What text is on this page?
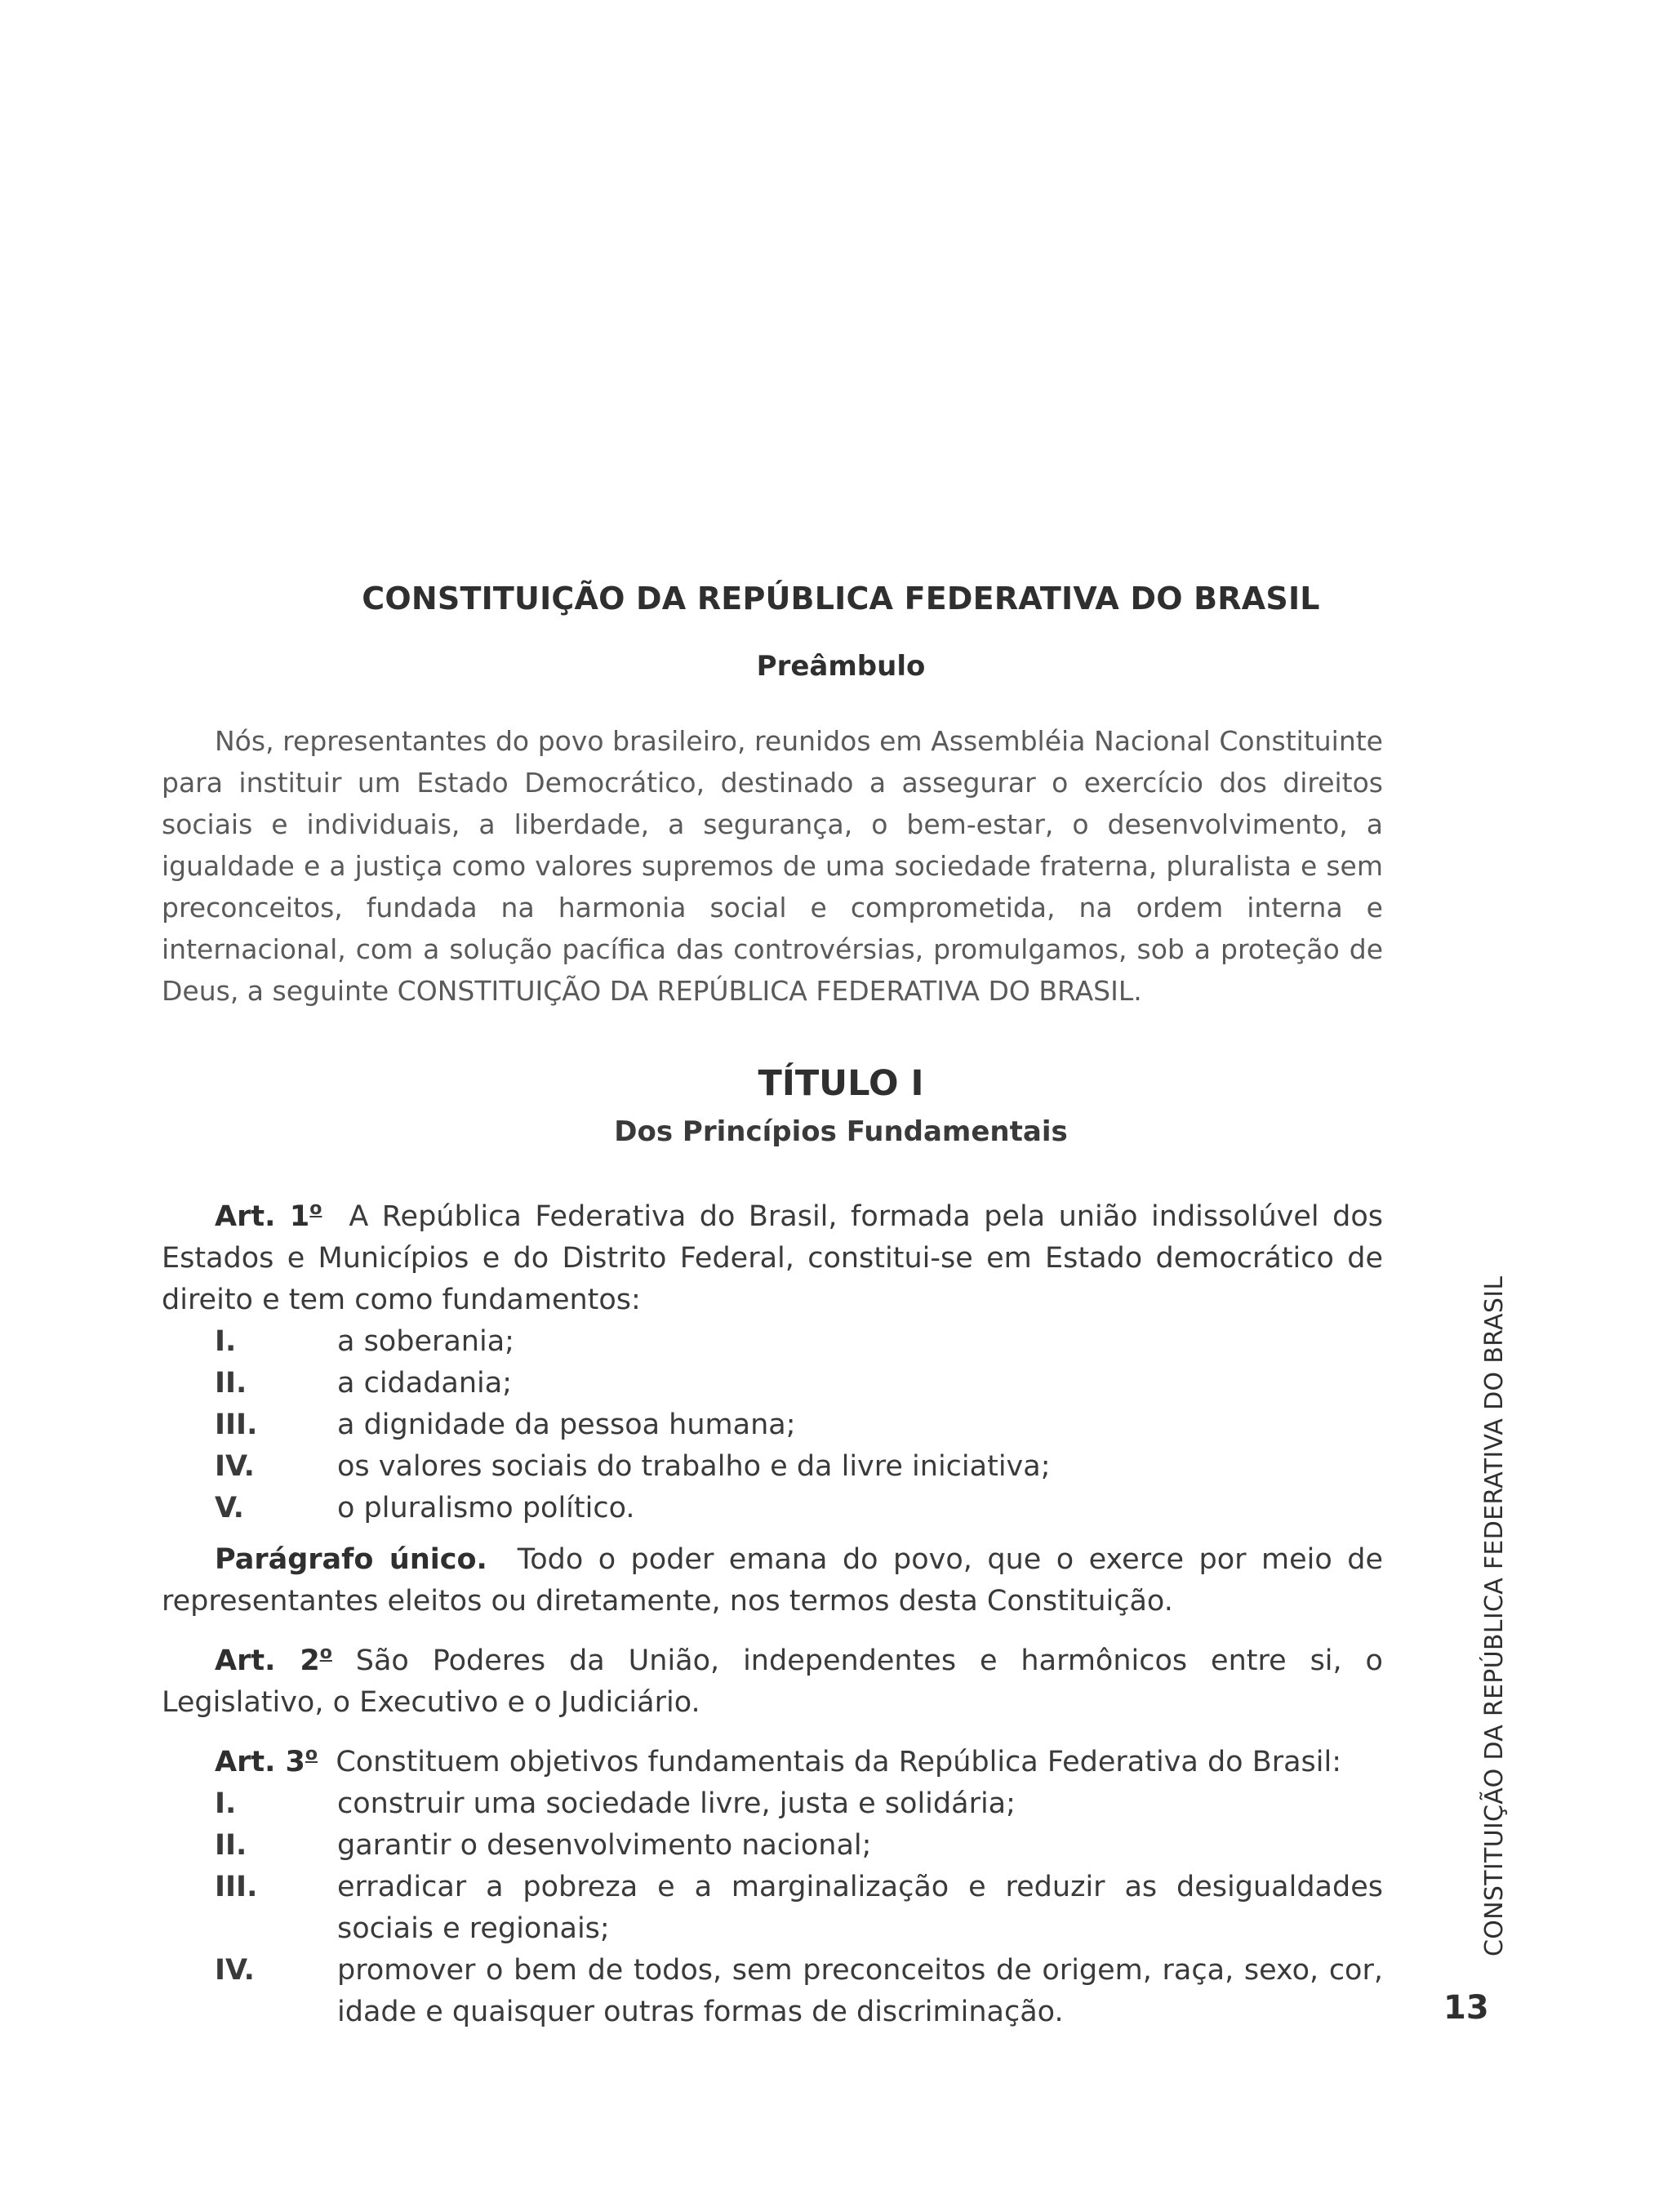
CONSTITUIÇÃO DA REPÚBLICA FEDERATIVA DO BRASIL
Preâmbulo

Nós, representantes do povo brasileiro, reunidos em Assembléia Nacional Constituinte para instituir um Estado Democrático, destinado a assegurar o exercício dos direitos sociais e individuais, a liberdade, a segurança, o bem-estar, o desenvolvimento, a igualdade e a justiça como valores supremos de uma sociedade fraterna, pluralista e sem preconceitos, fundada na harmonia social e comprometida, na ordem interna e internacional, com a solução pacífica das controvérsias, promulgamos, sob a proteção de Deus, a seguinte CONSTITUIÇÃO DA REPÚBLICA FEDERATIVA DO BRASIL.

TÍTULO I
Dos Princípios Fundamentais

Art. 1$^o$ A República Federativa do Brasil, formada pela união indissolúvel dos Estados e Municípios e do Distrito Federal, constitui-se em Estado democrático de direito e tem como fundamentos:

I.	a soberania;
II.	a cidadania;
III.	a dignidade da pessoa humana;
IV.	os valores sociais do trabalho e da livre iniciativa;
V.	o pluralismo político.

Parágrafo único. Todo o poder emana do povo, que o exerce por meio de representantes eleitos ou diretamente, nos termos desta Constituição.

Art. 2$^o$ São Poderes da União, independentes e harmônicos entre si, o Legislativo, o Executivo e o Judiciário.

Art. 3$^o$ Constituem objetivos fundamentais da República Federativa do Brasil:

I.	construir uma sociedade livre, justa e solidária;
II.	garantir o desenvolvimento nacional;
III.	erradicar a pobreza e a marginalização e reduzir as desigualdades sociais e regionais;
IV.	promover o bem de todos, sem preconceitos de origem, raça, sexo, cor, idade e quaisquer outras formas de discriminação.
CONSTITUIÇÃO DA REPÚBLICA FEDERATIVA DO BRASIL
13
